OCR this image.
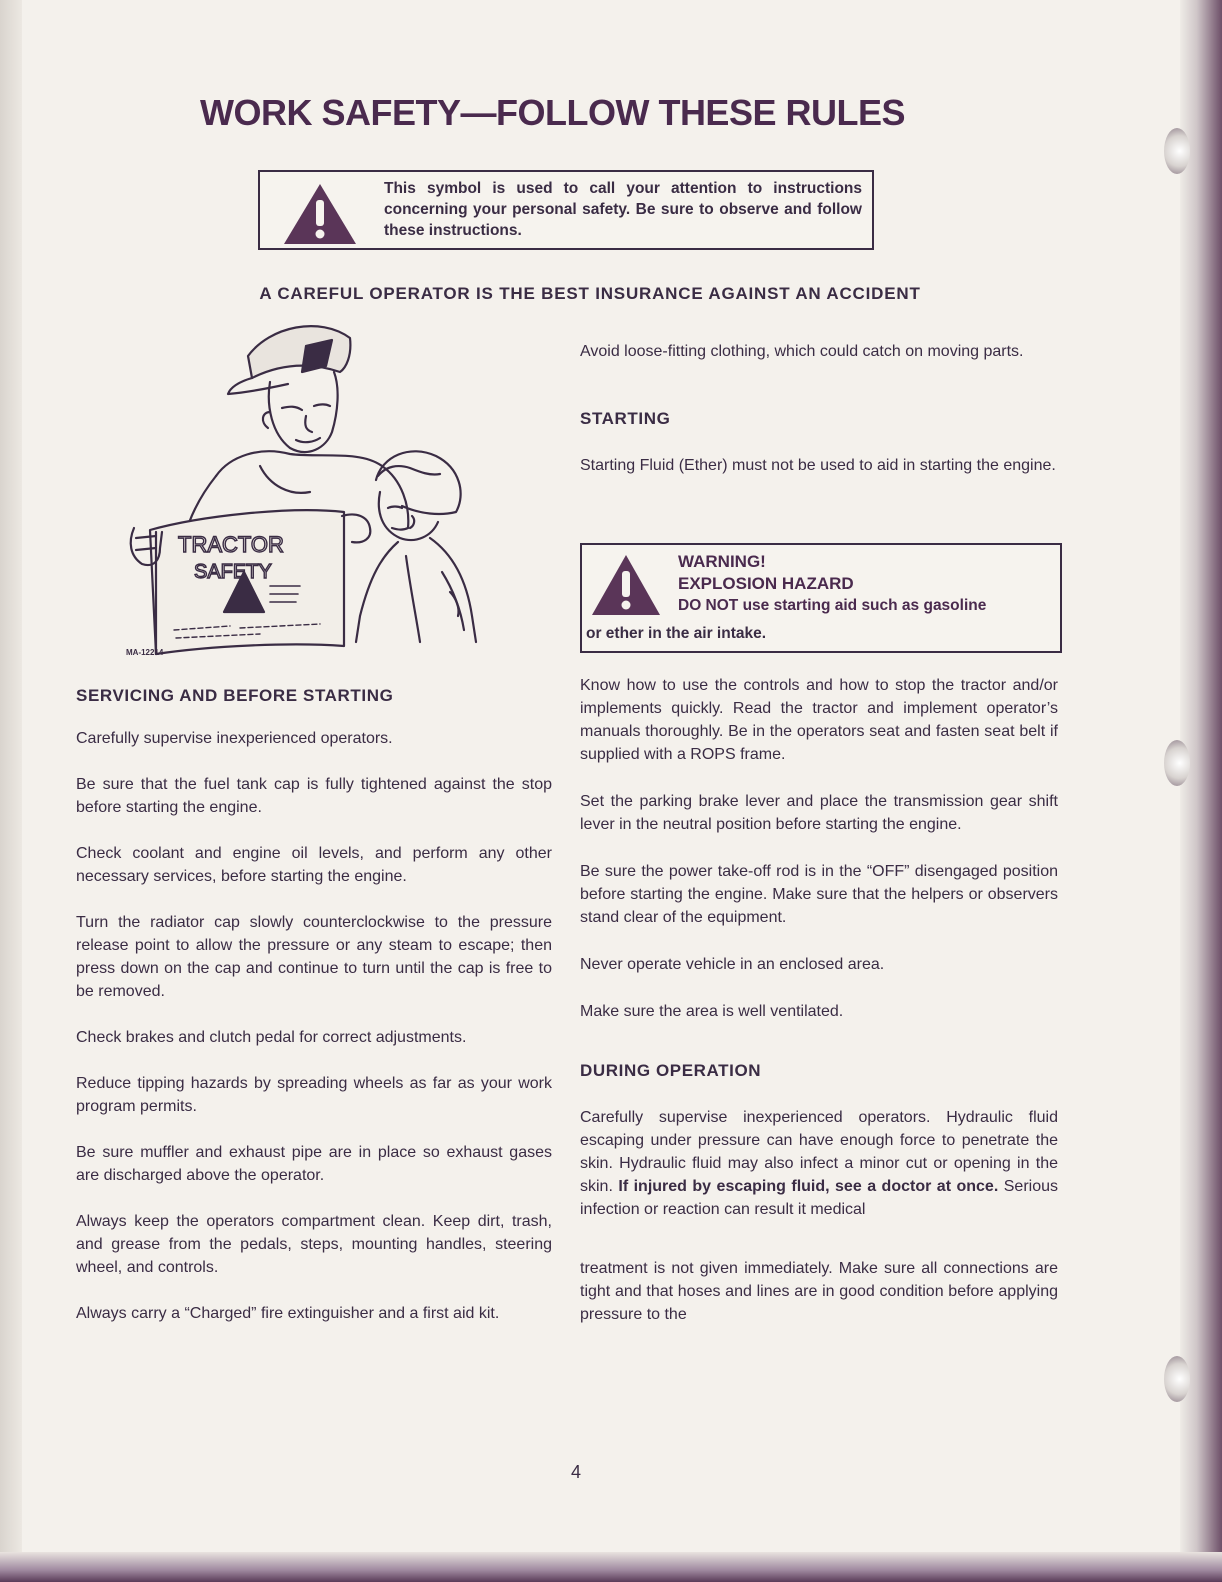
WORK SAFETY—FOLLOW THESE RULES
This symbol is used to call your attention to instructions concerning your personal safety. Be sure to observe and follow these instructions.
A CAREFUL OPERATOR IS THE BEST INSURANCE AGAINST AN ACCIDENT
TRACTOR
SAFETY
MA-12214

SERVICING AND BEFORE STARTING

Carefully supervise inexperienced operators.

Be sure that the fuel tank cap is fully tightened against the stop before starting the engine.

Check coolant and engine oil levels, and perform any other necessary services, before starting the engine.

Turn the radiator cap slowly counterclockwise to the pressure release point to allow the pressure or any steam to escape; then press down on the cap and continue to turn until the cap is free to be removed.

Check brakes and clutch pedal for correct adjustments.

Reduce tipping hazards by spreading wheels as far as your work program permits.

Be sure muffler and exhaust pipe are in place so exhaust gases are discharged above the operator.

Always keep the operators compartment clean. Keep dirt, trash, and grease from the pedals, steps, mounting handles, steering wheel, and controls.

Always carry a “Charged” fire extinguisher and a first aid kit.

Avoid loose-fitting clothing, which could catch on moving parts.

STARTING

Starting Fluid (Ether) must not be used to aid in starting the engine.

WARNING!
EXPLOSION HAZARD
DO NOT use starting aid such as gasoline
or ether in the air intake.

Know how to use the controls and how to stop the tractor and/or implements quickly. Read the tractor and implement operator’s manuals thoroughly. Be in the operators seat and fasten seat belt if supplied with a ROPS frame.

Set the parking brake lever and place the transmission gear shift lever in the neutral position before starting the engine.

Be sure the power take-off rod is in the “OFF” disengaged position before starting the engine. Make sure that the helpers or observers stand clear of the equipment.

Never operate vehicle in an enclosed area.

Make sure the area is well ventilated.

DURING OPERATION

Carefully supervise inexperienced operators. Hydraulic fluid escaping under pressure can have enough force to penetrate the skin. Hydraulic fluid may also infect a minor cut or opening in the skin. If injured by escaping fluid, see a doctor at once. Serious infection or reaction can result it medical

treatment is not given immediately. Make sure all connections are tight and that hoses and lines are in good condition before applying pressure to the

4
